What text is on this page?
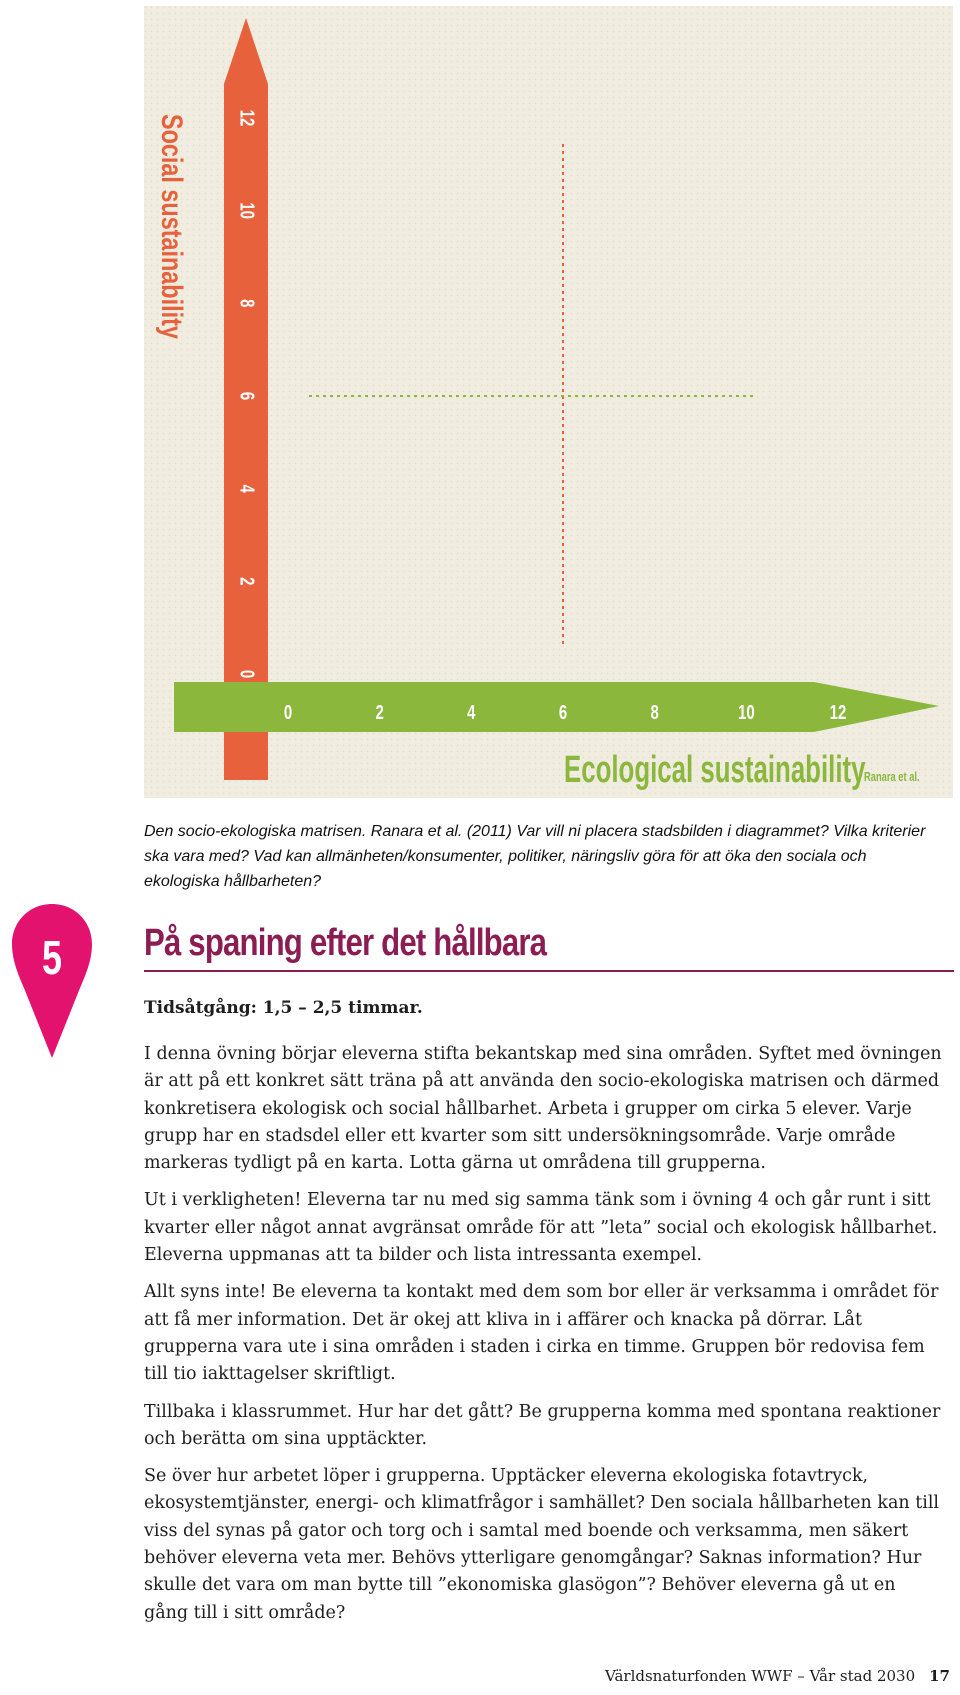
0	2	4	6	8	10	12
0
2
4
6
8
10
12
Social sustainability
Ecological sustainability
Ranara et al.
Den socio-ekologiska matrisen. Ranara et al. (2011) Var vill ni placera stadsbilden i diagrammet? Vilka kriterier ska vara med? Vad kan allmänheten/konsumenter, politiker, näringsliv göra för att öka den sociala och ekologiska hållbarheten?
5 På spaning efter det hållbara
Tidsåtgång: 1,5 – 2,5 timmar.

I denna övning börjar eleverna stifta bekantskap med sina områden. Syftet med övningen är att på ett konkret sätt träna på att använda den socio-ekologiska matrisen och därmed konkretisera ekologisk och social hållbarhet. Arbeta i grupper om cirka 5 elever. Varje grupp har en stadsdel eller ett kvarter som sitt undersökningsområde. Varje område markeras tydligt på en karta. Lotta gärna ut områdena till grupperna.

Ut i verkligheten! Eleverna tar nu med sig samma tänk som i övning 4 och går runt i sitt kvarter eller något annat avgränsat område för att ”leta” social och ekologisk hållbarhet. Eleverna uppmanas att ta bilder och lista intressanta exempel.

Allt syns inte! Be eleverna ta kontakt med dem som bor eller är verksamma i området för att få mer information. Det är okej att kliva in i affärer och knacka på dörrar. Låt grupperna vara ute i sina områden i staden i cirka en timme. Gruppen bör redovisa fem till tio iakttagelser skriftligt.

Tillbaka i klassrummet. Hur har det gått? Be grupperna komma med spontana reaktioner och berätta om sina upptäckter.

Se över hur arbetet löper i grupperna. Upptäcker eleverna ekologiska fotavtryck, ekosystemtjänster, energi- och klimatfrågor i samhället? Den sociala hållbarheten kan till viss del synas på gator och torg och i samtal med boende och verksamma, men säkert behöver eleverna veta mer. Behövs ytterligare genomgångar? Saknas information? Hur skulle det vara om man bytte till ”ekonomiska glasögon”? Behöver eleverna gå ut en gång till i sitt område?

Världsnaturfonden WWF – Vår stad 2030 17
